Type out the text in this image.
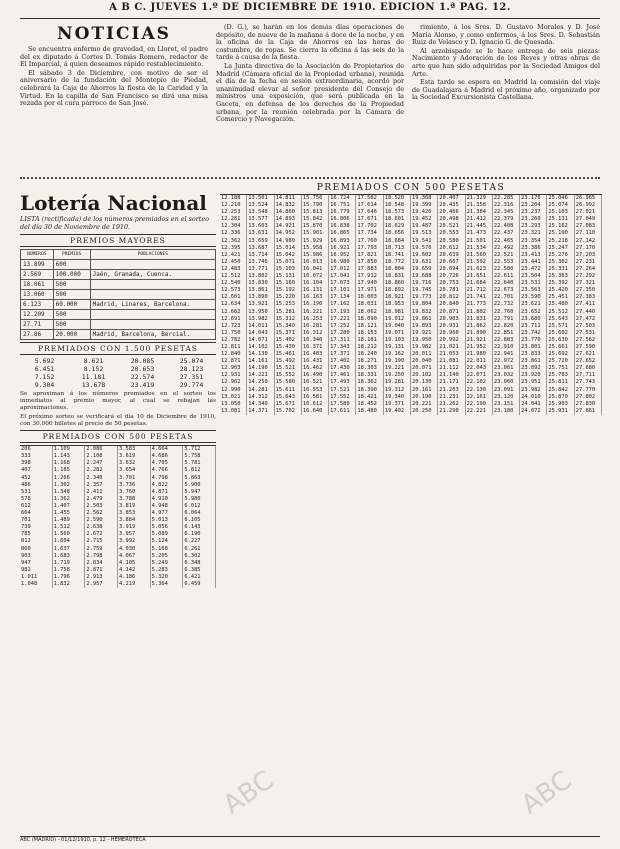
A B C. JUEVES 1.º DE DICIEMBRE DE 1910. EDICION 1.ª PAG. 12.
NOTICIAS

Se encuentra enfermo de gravedad, en Lloret, el padre del ex diputado á Cortes D. Tomás Romero, redactor de El Imparcial, á quien deseamos rápido restablecimiento.

El sábado 3 de Diciembre, con motivo de ser el aniversario de la fundación del Montepío de Piedad, celebrará la Caja de Ahorros la fiesta de la Caridad y la Virtud. En la capilla de San Francisco se dirá una misa rezada por el cura párroco de San José.

(D. G.), se harán en los demás días operaciones de depósito, de nueve de la mañana á doce de la noche, y en la oficina de la Caja de Ahorros en las horas de costumbre, de ropas. Se cierra la oficina á las seis de la tarde á causa de la fiesta.

La Junta directiva de la Asociación de Propietarios de Madrid (Cámara oficial de la Propiedad urbana), reunida el día de la fecha en sesión extraordinaria, acordó por unanimidad elevar al señor presidente del Consejo de ministros una exposición, que será publicada en la Gaceta, en defensa de los derechos de la Propiedad urbana, por la reunión celebrada por la Cámara de Comercio y Navegación.

rimiento, á los Sres. D. Gustavo Morales y D. José María Alonso, y como enfermos, á los Sres. D. Sebastián Ruiz de Velasco y D. Ignacio G. de Quesada.

Al arzobispado se le hace entrega de seis piezas: Nacimiento y Adoración de los Reyes y otras obras de arte que han sido adquiridas por la Sociedad Amigos del Arte.

Esta tarde se espera en Madrid la comisión del viaje de Guadalajara á Madrid el próximo año, organizado por la Sociedad Excursionista Castellana.

Lotería Nacional
LISTA (rectificada) de los números premiados en el sorteo del día 30 de Noviembre de 1910.
PREMIOS MAYORES
NÚMEROS	PREMIOS	POBLACIONES
13.899	600	
2.569	100.000	Jaén, Granada, Cuenca.
18.061	500	
13.060	500	
6.123	60.000	Madrid, Linares, Barcelona.
12.209	500	
27.71	500	
27.86	20.000	Madrid, Barcelona, Bercial.
PREMIADOS CON 1.500 PESETAS
5.692	8.621	20.085	25.074
6.451	8.152	20.653	28.123
7.152	11.181	22.574	27.351
9.304	13.678	23.419	29.774
Se aproximan á los números premiados en el sorteo los inmediatos al premio mayor, al cual se rebajan las aproximaciones.
El próximo sorteo se verificará el día 10 de Diciembre de 1910, con 30.000 billetes al precio de 50 pesetas.
PREMIADOS CON 500 PESETAS
206	1.109	2.086	3.583	4.664	5.712
333	1.143	2.108	3.619	4.686	5.758
398	1.168	2.247	3.632	4.705	5.781
407	1.185	2.282	3.654	4.766	5.812
452	1.266	2.340	3.701	4.798	5.863
486	1.302	2.357	3.736	4.822	5.900
531	1.348	2.411	3.760	4.871	5.947
578	1.362	2.479	3.788	4.910	5.980
612	1.407	2.503	3.819	4.948	6.012
664	1.455	2.562	3.853	4.977	6.064
701	1.489	2.590	3.884	5.013	6.105
739	1.512	2.638	3.919	5.056	6.143
785	1.560	2.672	3.957	5.089	6.190
812	1.604	2.715	3.992	5.124	6.227
860	1.637	2.759	4.030	5.168	6.261
903	1.683	2.798	4.067	5.205	6.302
947	1.719	2.834	4.105	5.249	6.348
982	1.758	2.871	4.142	5.283	6.385
1.011	1.796	2.913	4.186	5.320	6.421
1.048	1.832	2.957	4.219	5.364	6.459
PREMIADOS CON 500 PESETAS
12.188	13.501	14.811	15.756	16.724	17.582	18.520	19.368	20.407	21.329	22.285	23.176	25.046	26.965
12.210	13.524	14.832	15.790	16.751	17.614	18.548	19.399	20.435	21.358	22.316	23.204	25.074	26.992
12.253	13.548	14.860	15.813	16.779	17.646	18.573	19.426	20.466	21.384	22.345	23.237	25.103	27.021
12.281	13.577	14.893	15.842	16.806	17.671	18.601	19.452	20.498	21.412	22.379	23.260	25.131	27.049
12.304	13.603	14.921	15.870	16.838	17.702	18.629	19.487	20.521	21.445	22.408	23.293	25.162	27.083
12.336	13.631	14.952	15.901	16.865	17.734	18.656	19.513	20.553	21.473	22.437	23.321	25.190	27.110
12.362	13.659	14.980	15.929	16.893	17.760	18.684	19.541	20.580	21.501	22.465	23.354	25.218	27.142
12.395	13.687	15.014	15.958	16.921	17.793	18.713	19.570	20.612	21.534	22.492	23.386	25.247	27.170
12.421	13.714	15.042	15.986	16.952	17.821	18.741	19.602	20.639	21.560	22.521	23.413	25.276	27.203
12.450	13.746	15.071	16.013	16.980	17.850	18.772	19.631	20.667	21.592	22.553	23.441	25.302	27.231
12.483	13.771	15.103	16.041	17.012	17.883	18.804	19.659	20.694	21.623	22.580	23.472	25.331	27.264
12.512	13.802	15.131	16.072	17.041	17.912	18.831	19.688	20.726	21.651	22.611	23.504	25.363	27.292
12.540	13.830	15.160	16.104	17.073	17.940	18.860	19.716	20.753	21.684	22.640	23.531	25.392	27.321
12.573	13.861	15.192	16.131	17.101	17.971	18.892	19.745	20.781	21.712	22.673	23.563	25.420	27.350
12.601	13.890	15.220	16.163	17.134	18.003	18.921	19.773	20.812	21.741	22.701	23.590	25.451	27.383
12.634	13.921	15.253	16.190	17.162	18.031	18.953	19.804	20.840	21.773	22.732	23.621	25.480	27.411
12.662	13.950	15.281	16.221	17.193	18.062	18.981	19.832	20.871	21.802	22.760	23.652	25.512	27.440
12.691	13.982	15.312	16.253	17.221	18.090	19.012	19.861	20.903	21.831	22.791	23.680	25.543	27.472
12.723	14.011	15.340	16.281	17.252	18.121	19.040	19.893	20.931	21.862	22.820	23.711	25.571	27.503
12.750	14.043	15.371	16.312	17.280	18.153	19.071	19.921	20.960	21.890	22.851	23.742	25.602	27.531
12.782	14.071	15.402	16.340	17.311	18.181	19.103	19.950	20.992	21.921	22.883	23.770	25.630	27.562
12.811	14.102	15.430	16.371	17.343	18.212	19.131	19.982	21.021	21.952	22.910	23.801	25.661	27.590
12.840	14.130	15.461	16.403	17.371	18.240	19.162	20.011	21.053	21.980	22.941	23.833	25.692	27.621
12.871	14.161	15.492	16.431	17.402	18.271	19.190	20.040	21.081	22.011	22.972	23.861	25.720	27.652
12.903	14.190	15.521	16.462	17.430	18.303	19.221	20.071	21.112	22.043	23.001	23.892	25.751	27.680
12.931	14.221	15.552	16.490	17.461	18.331	19.250	20.102	21.140	22.071	23.032	23.920	25.783	27.711
12.962	14.250	15.580	16.521	17.493	18.362	19.281	20.130	21.171	22.102	23.060	23.951	25.811	27.743
12.990	14.281	15.611	16.553	17.521	18.390	19.312	20.161	21.203	22.130	23.091	23.982	25.842	27.770
13.021	14.312	15.643	16.581	17.552	18.421	19.340	20.190	21.231	22.161	23.120	24.010	25.870	27.802
13.050	14.340	15.671	16.612	17.580	18.452	19.371	20.221	21.262	22.190	23.151	24.041	25.903	27.830
13.081	14.371	15.702	16.640	17.611	18.480	19.402	20.250	21.290	22.221	23.180	24.072	25.931	27.861
ABC (MADRID) - 01/12/1910, p. 12 - HEMEROTECA
ABC	ABC
